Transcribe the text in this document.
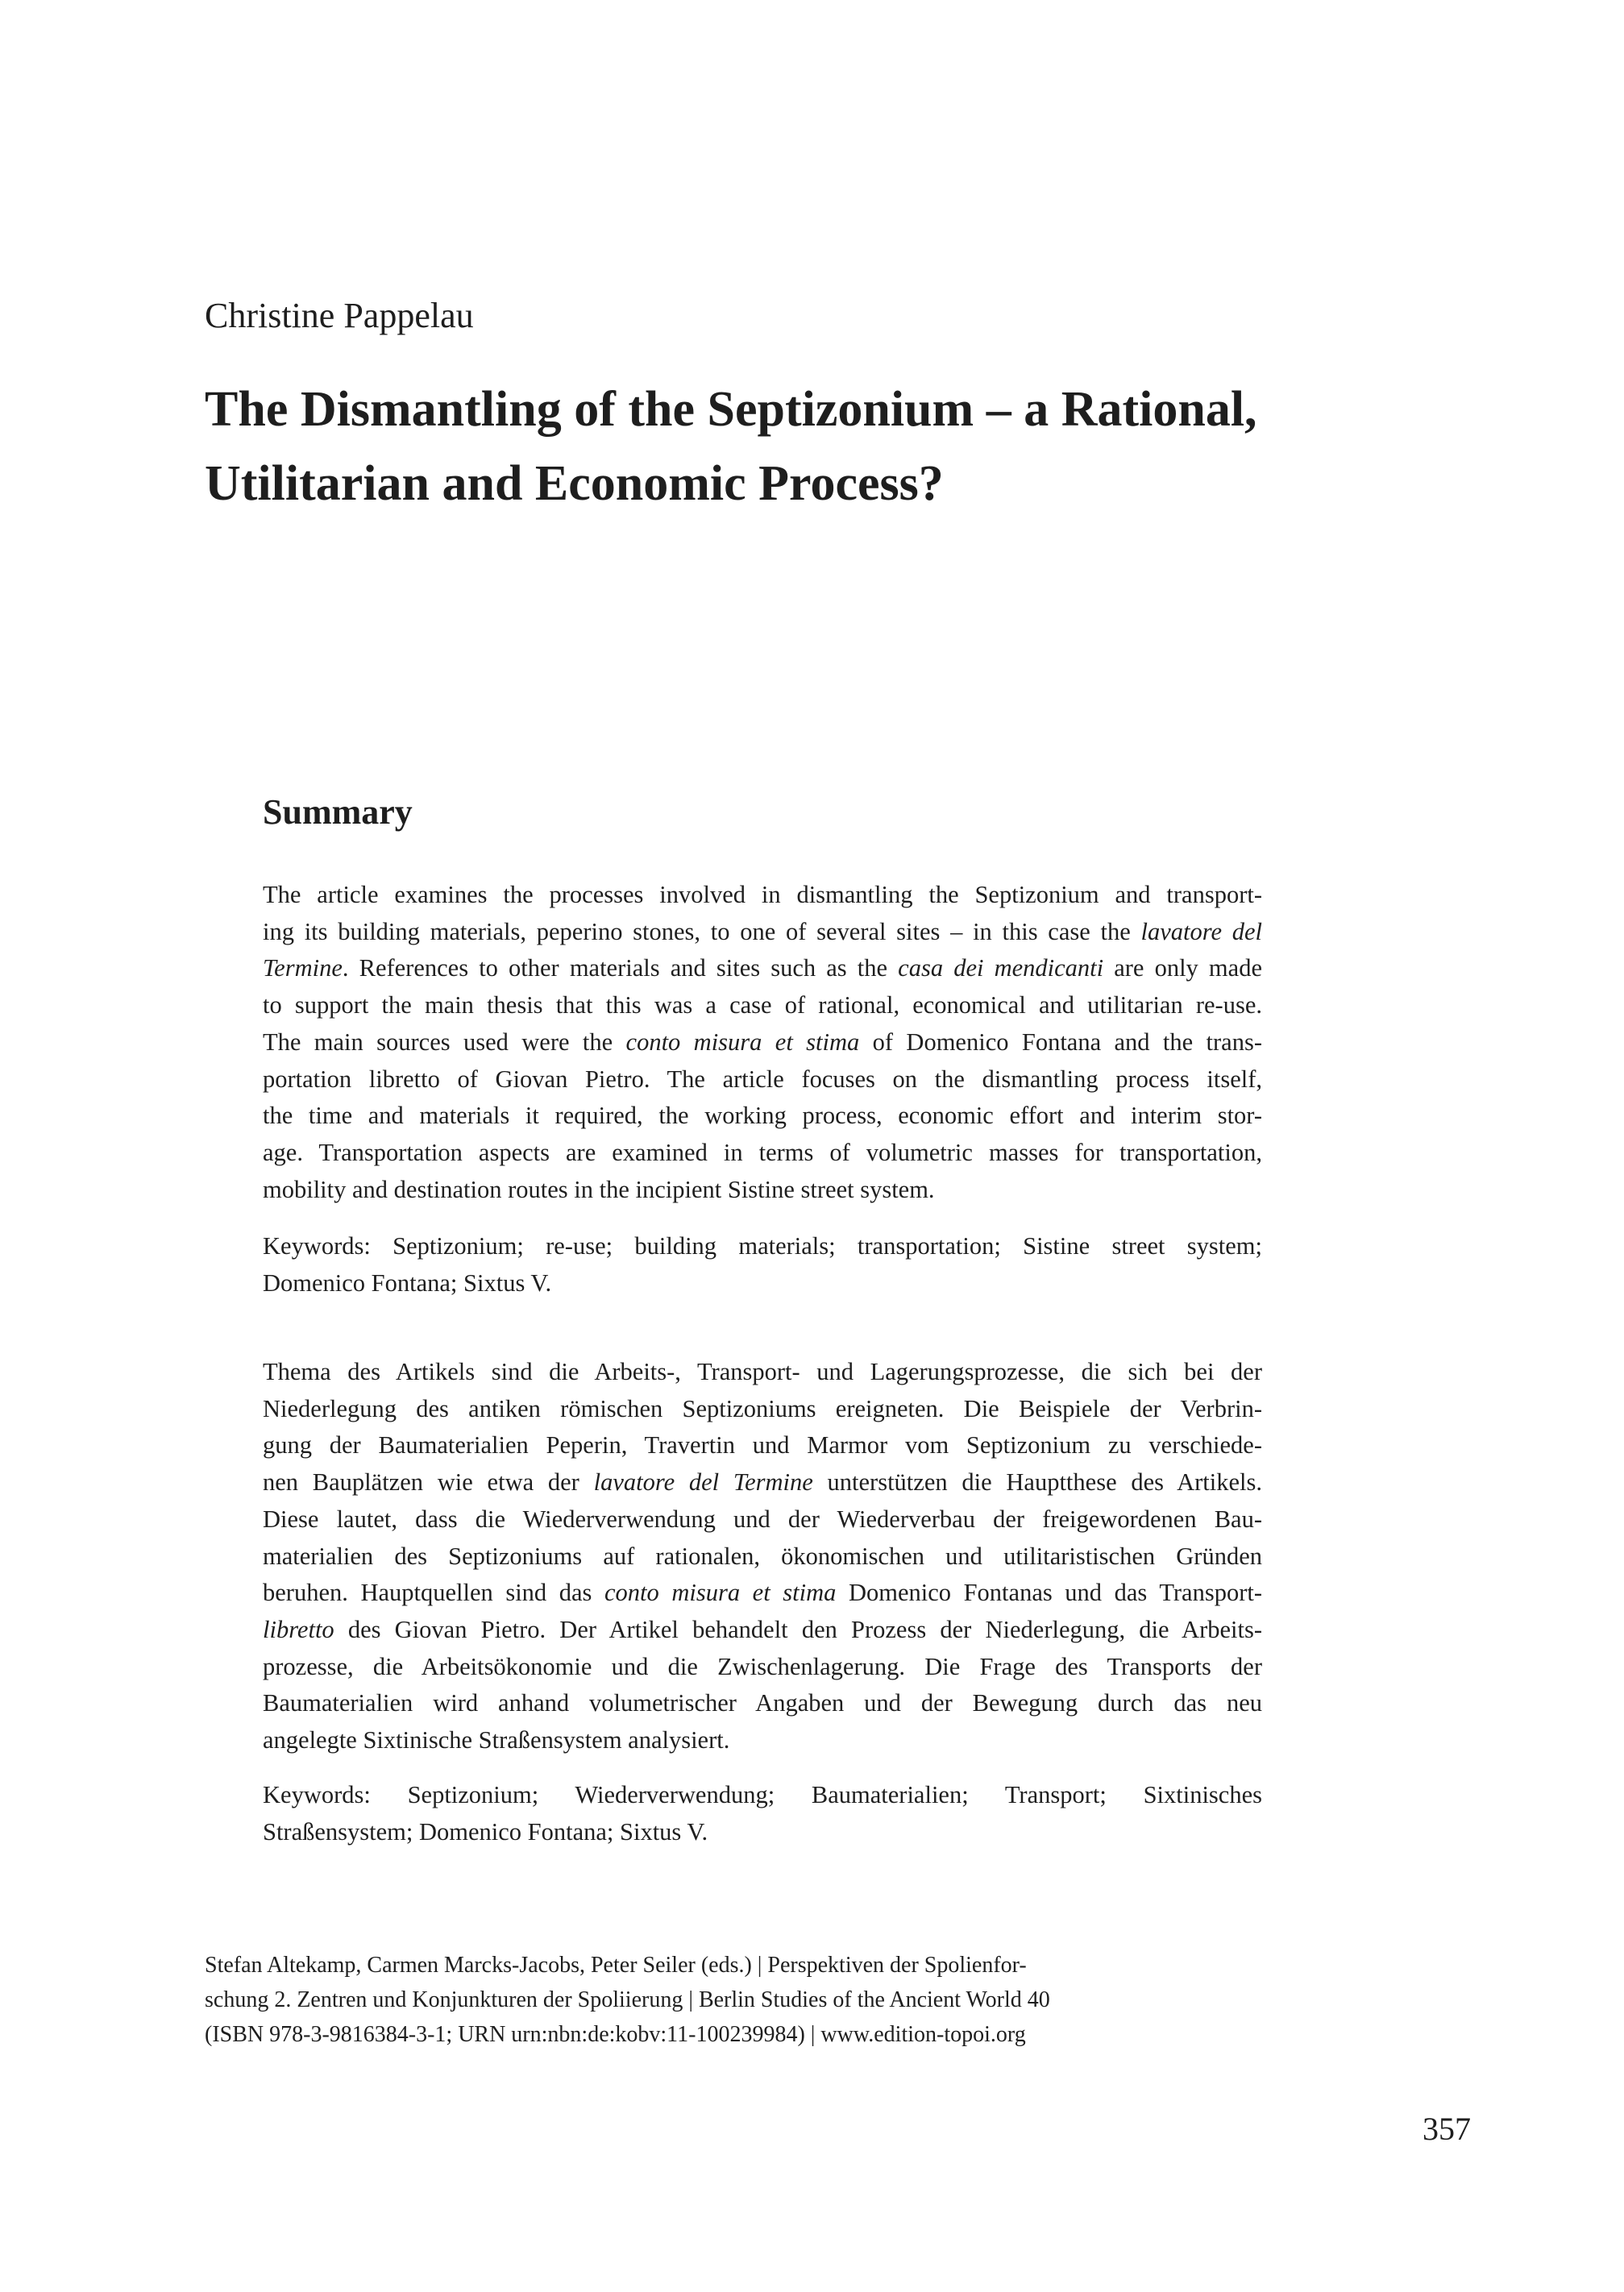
Christine Pappelau
The Dismantling of the Septizonium – a Rational,
Utilitarian and Economic Process?
Summary
The article examines the processes involved in dismantling the Septizonium and transport-
ing its building materials, peperino stones, to one of several sites – in this case the lavatore del
Termine. References to other materials and sites such as the casa dei mendicanti are only made
to support the main thesis that this was a case of rational, economical and utilitarian re-use.
The main sources used were the conto misura et stima of Domenico Fontana and the trans-
portation libretto of Giovan Pietro. The article focuses on the dismantling process itself,
the time and materials it required, the working process, economic effort and interim stor-
age. Transportation aspects are examined in terms of volumetric masses for transportation,
mobility and destination routes in the incipient Sistine street system.
Keywords: Septizonium; re-use; building materials; transportation; Sistine street system;
Domenico Fontana; Sixtus V.
Thema des Artikels sind die Arbeits-, Transport- und Lagerungsprozesse, die sich bei der
Niederlegung des antiken römischen Septizoniums ereigneten. Die Beispiele der Verbrin-
gung der Baumaterialien Peperin, Travertin und Marmor vom Septizonium zu verschiede-
nen Bauplätzen wie etwa der lavatore del Termine unterstützen die Hauptthese des Artikels.
Diese lautet, dass die Wiederverwendung und der Wiederverbau der freigewordenen Bau-
materialien des Septizoniums auf rationalen, ökonomischen und utilitaristischen Gründen
beruhen. Hauptquellen sind das conto misura et stima Domenico Fontanas und das Transport-
libretto des Giovan Pietro. Der Artikel behandelt den Prozess der Niederlegung, die Arbeits-
prozesse, die Arbeitsökonomie und die Zwischenlagerung. Die Frage des Transports der
Baumaterialien wird anhand volumetrischer Angaben und der Bewegung durch das neu
angelegte Sixtinische Straßensystem analysiert.
Keywords: Septizonium; Wiederverwendung; Baumaterialien; Transport; Sixtinisches
Straßensystem; Domenico Fontana; Sixtus V.
Stefan Altekamp, Carmen Marcks-Jacobs, Peter Seiler (eds.) | Perspektiven der Spolienfor-
schung 2. Zentren und Konjunkturen der Spoliierung | Berlin Studies of the Ancient World 40
(ISBN 978-3-9816384-3-1; URN urn:nbn:de:kobv:11-100239984) | www.edition-topoi.org
357
